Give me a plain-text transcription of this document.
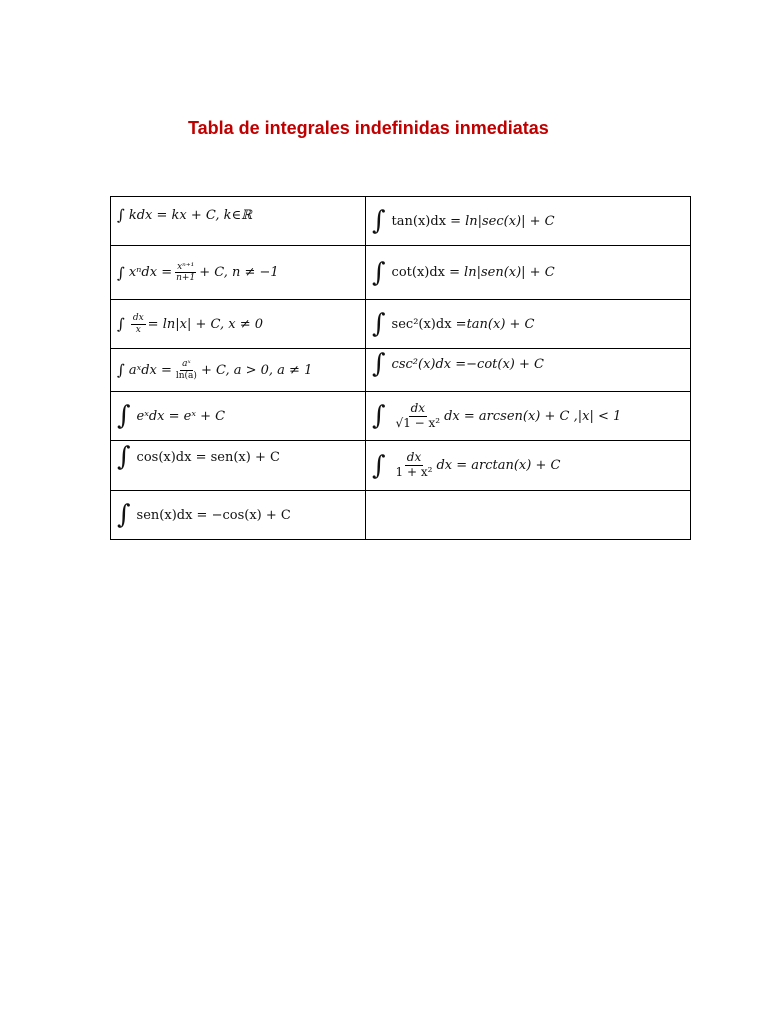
Tabla de integrales indefinidas inmediatas
∫ kdx = kx + C, k∈ℝ	∫ tan(x)dx = ln|sec(x)| + C

∫ $x^ndx = \frac{\text{xⁿ⁺¹}}{n+1} + C$, n ≠ −1	∫ cot(x)dx = ln|sen(x)| + C

∫ $\frac{dx}{x} = \ln|x| + C$, x ≠ 0	∫ sec²(x)dx = tan(x) + C

∫ aˣdx = $\frac{\text{aˣ}}{\ln(a)} + C$, a > 0, a ≠ 1	∫ csc²(x)dx = −cot(x) + C

∫ eˣdx = eˣ + C	∫ $\frac{dx}{\text{√1 − x²}}$ dx = arcsen(x) + C ,|x| < 1

∫ cos(x)dx = sen(x) + C	∫ $\frac{dx}{\text{1 + x²}}$ dx = arctan(x) + C

∫ sen(x)dx = −cos(x) + C	
